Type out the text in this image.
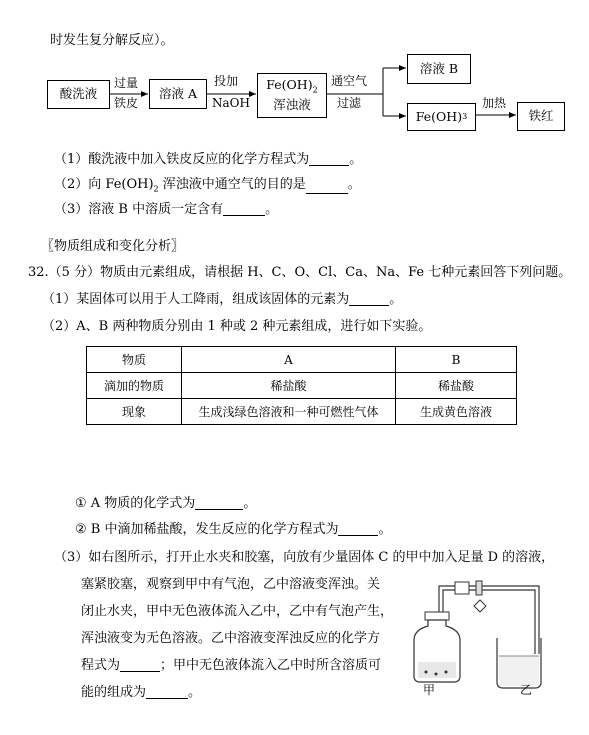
时发生复分解反应）。
酸洗液
过量
铁皮
溶液 A
投加
NaOH
$Fe(OH)_2$
浑浊液
通空气
过滤
溶液 B
Fe(OH) 3
加热
铁红
（1）酸洗液中加入铁皮反应的化学方程式为	。
（2）向 $Fe(OH)_2$ 浑浊液中通空气的目的是	。
（3）溶液 B 中溶质一定含有	。
〖物质组成和变化分析〗
32.（5 分）物质由元素组成，请根据 H、C、O、Cl、Ca、Na、Fe 七种元素回答下列问题。
（1）某固体可以用于人工降雨，组成该固体的元素为	。
（2）A、B 两种物质分别由 1 种或 2 种元素组成，进行如下实验。
物质	A	B
滴加的物质	稀盐酸	稀盐酸
现象	生成浅绿色溶液和一种可燃性气体	生成黄色溶液
① A 物质的化学式为	。
② B 中滴加稀盐酸，发生反应的化学方程式为	。
（3）如右图所示，打开止水夹和胶塞，向放有少量固体 C 的甲中加入足量 D 的溶液，
塞紧胶塞，观察到甲中有气泡，乙中溶液变浑浊。关
闭止水夹，甲中无色液体流入乙中，乙中有气泡产生，
浑浊液变为无色溶液。乙中溶液变浑浊反应的化学方
程式为	；甲中无色液体流入乙中时所含溶质可
能的组成为	。	甲	乙
